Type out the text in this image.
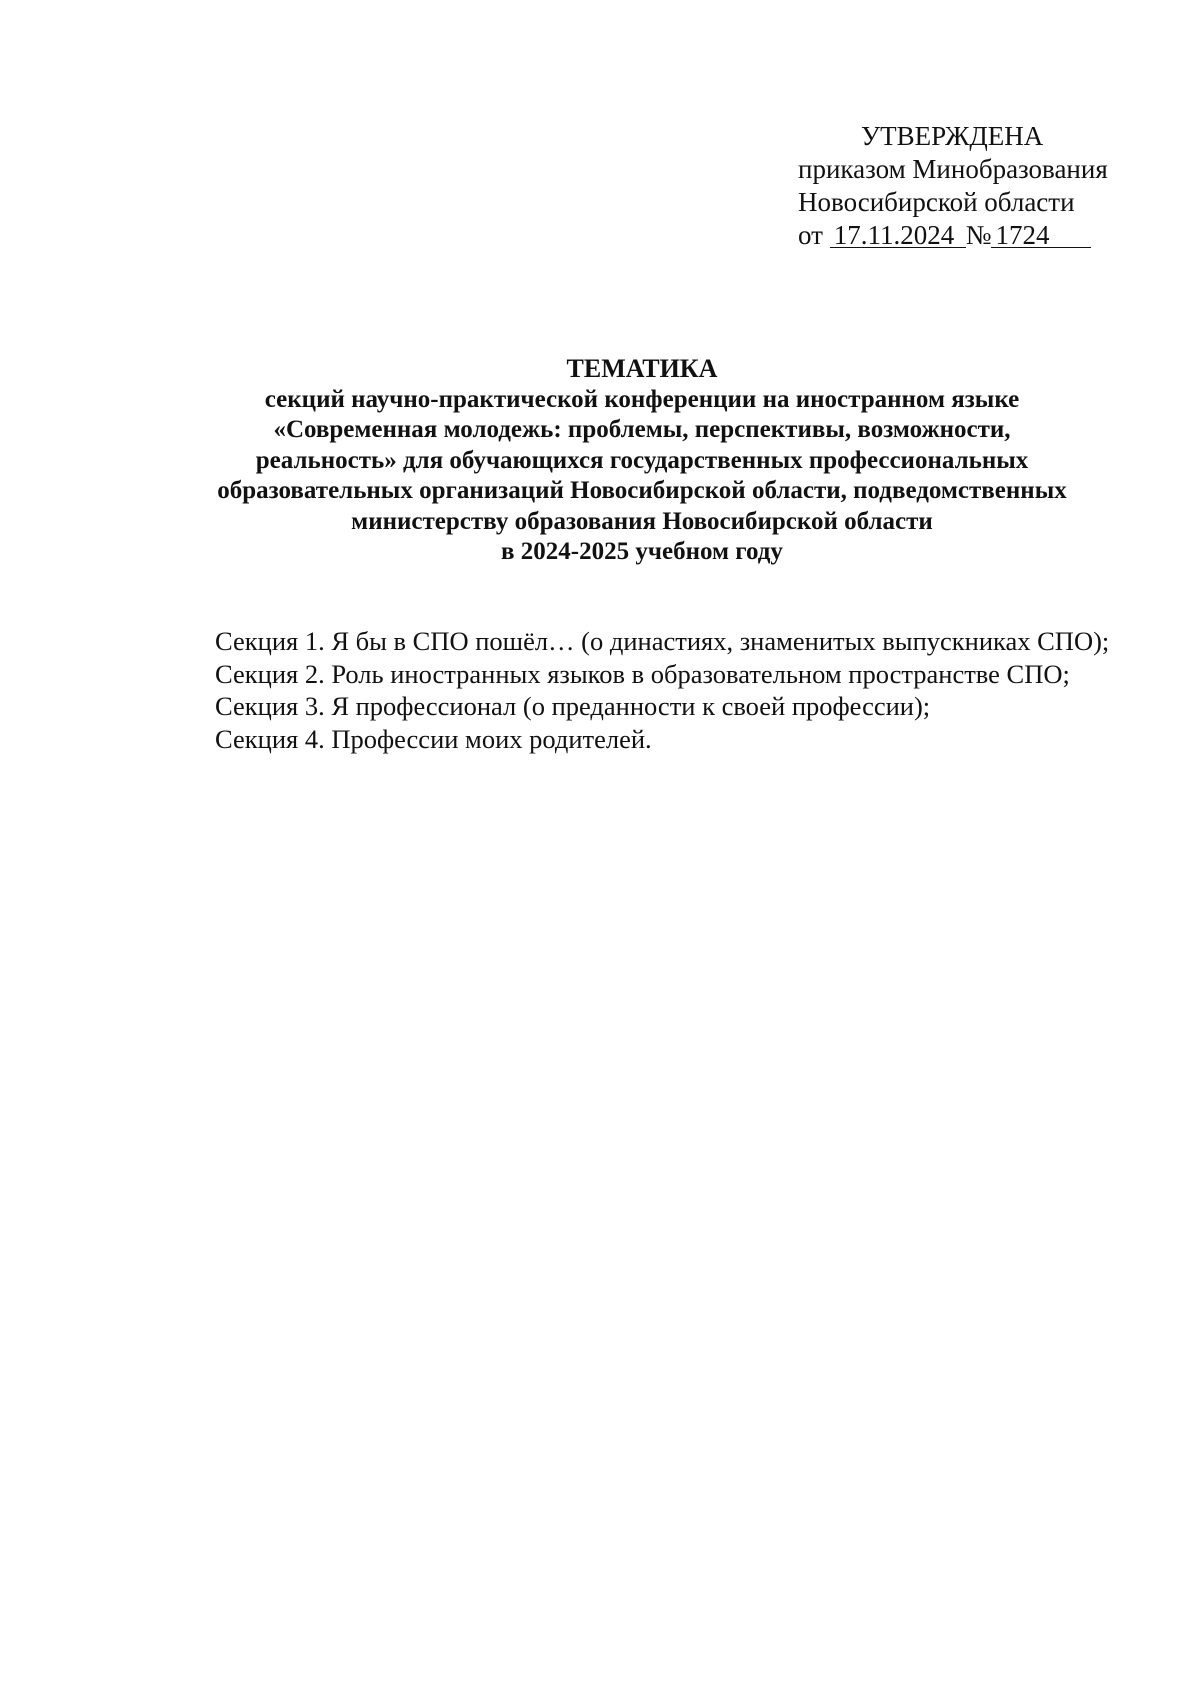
УТВЕРЖДЕНА
приказом Минобразования
Новосибирской области
от 17.11.2024 № 1724
ТЕМАТИКА
секций научно-практической конференции на иностранном языке
«Современная молодежь: проблемы, перспективы, возможности,
реальность» для обучающихся государственных профессиональных
образовательных организаций Новосибирской области, подведомственных
министерству образования Новосибирской области
в 2024-2025 учебном году
Секция 1. Я бы в СПО пошёл… (о династиях, знаменитых выпускниках СПО);
Секция 2. Роль иностранных языков в образовательном пространстве СПО;
Секция 3. Я профессионал (о преданности к своей профессии);
Секция 4. Профессии моих родителей.
